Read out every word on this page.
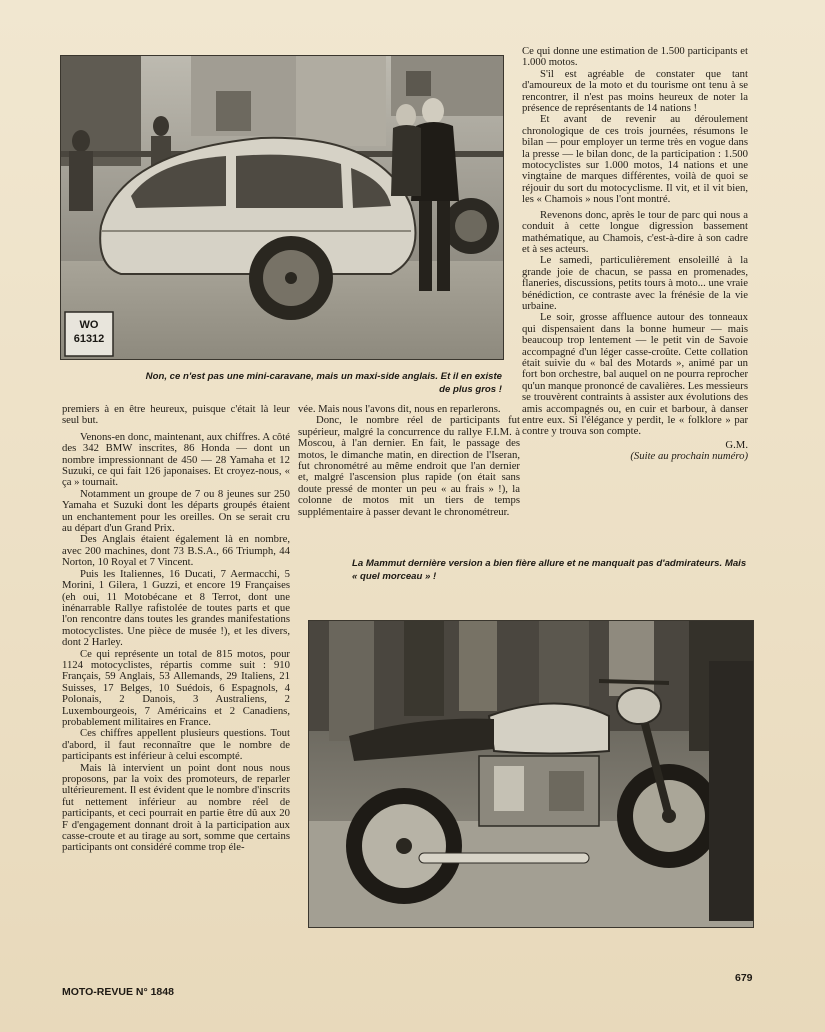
WO 61312
Non, ce n'est pas une mini-caravane, mais un maxi-side anglais. Et il en existe de plus gros !

Ce qui donne une estimation de 1.500 participants et 1.000 motos.

S'il est agréable de constater que tant d'amoureux de la moto et du tourisme ont tenu à se rencontrer, il n'est pas moins heureux de noter la présence de représentants de 14 nations !

Et avant de revenir au déroulement chronologique de ces trois journées, résumons le bilan — pour employer un terme très en vogue dans la presse — le bilan donc, de la participation : 1.500 motocyclistes sur 1.000 motos, 14 nations et une vingtaine de marques différentes, voilà de quoi se réjouir du sort du motocyclisme. Il vit, et il vit bien, les « Chamois » nous l'ont montré.

Revenons donc, après le tour de parc qui nous a conduit à cette longue digression bassement mathématique, au Chamois, c'est-à-dire à son cadre et à ses acteurs.

Le samedi, particulièrement ensoleillé à la grande joie de chacun, se passa en promenades, flaneries, discussions, petits tours à moto... une vraie bénédiction, ce contraste avec la frénésie de la vie urbaine.

Le soir, grosse affluence autour des tonneaux qui dispensaient dans la bonne humeur — mais beaucoup trop lentement — le petit vin de Savoie accompagné d'un léger casse-croûte. Cette collation était suivie du « bal des Motards », animé par un fort bon orchestre, bal auquel on ne pourra reprocher qu'un manque prononcé de cavalières. Les messieurs se trouvèrent contraints à assister aux évolutions des amis accompagnés ou, en cuir et barbour, à danser entre eux. Si l'élégance y perdit, le « folklore » par contre y trouva son compte.

G.M.

(Suite au prochain numéro)

premiers à en être heureux, puisque c'était là leur seul but.

Venons-en donc, maintenant, aux chiffres. A côté des 342 BMW inscrites, 86 Honda — dont un nombre impressionnant de 450 — 28 Yamaha et 12 Suzuki, ce qui fait 126 japonaises. Et croyez-nous, « ça » tournait.

Notamment un groupe de 7 ou 8 jeunes sur 250 Yamaha et Suzuki dont les départs groupés étaient un enchantement pour les oreilles. On se serait cru au départ d'un Grand Prix.

Des Anglais étaient également là en nombre, avec 200 machines, dont 73 B.S.A., 66 Triumph, 44 Norton, 10 Royal et 7 Vincent.

Puis les Italiennes, 16 Ducati, 7 Aermacchi, 5 Morini, 1 Gilera, 1 Guzzi, et encore 19 Françaises (eh oui, 11 Motobécane et 8 Terrot, dont une inénarrable Rallye rafistolée de toutes parts et que l'on rencontre dans toutes les grandes manifestations motocyclistes. Une pièce de musée !), et les divers, dont 2 Harley.

Ce qui représente un total de 815 motos, pour 1124 motocyclistes, répartis comme suit : 910 Français, 59 Anglais, 53 Allemands, 29 Italiens, 21 Suisses, 17 Belges, 10 Suédois, 6 Espagnols, 4 Polonais, 2 Danois, 3 Australiens, 2 Luxembourgeois, 7 Américains et 2 Canadiens, probablement militaires en France.

Ces chiffres appellent plusieurs questions. Tout d'abord, il faut reconnaître que le nombre de participants est inférieur à celui escompté.

Mais là intervient un point dont nous nous proposons, par la voix des promoteurs, de reparler ultérieurement. Il est évident que le nombre d'inscrits fut nettement inférieur au nombre réel de participants, et ceci pourrait en partie être dû aux 20 F d'engagement donnant droit à la participation aux casse-croute et au tirage au sort, somme que certains participants ont considéré comme trop éle-

vée. Mais nous l'avons dit, nous en reparlerons.

Donc, le nombre réel de participants fut supérieur, malgré la concurrence du rallye F.I.M. à Moscou, à l'an dernier. En fait, le passage des motos, le dimanche matin, en direction de l'Iseran, fut chronométré au même endroit que l'an dernier et, malgré l'ascension plus rapide (on était sans doute pressé de monter un peu « au frais » !), la colonne de motos mit un tiers de temps supplémentaire à passer devant le chronométreur.

La Mammut dernière version a bien fière allure et ne manquait pas d'admirateurs. Mais « quel morceau » !
MOTO-REVUE N° 1848
679
